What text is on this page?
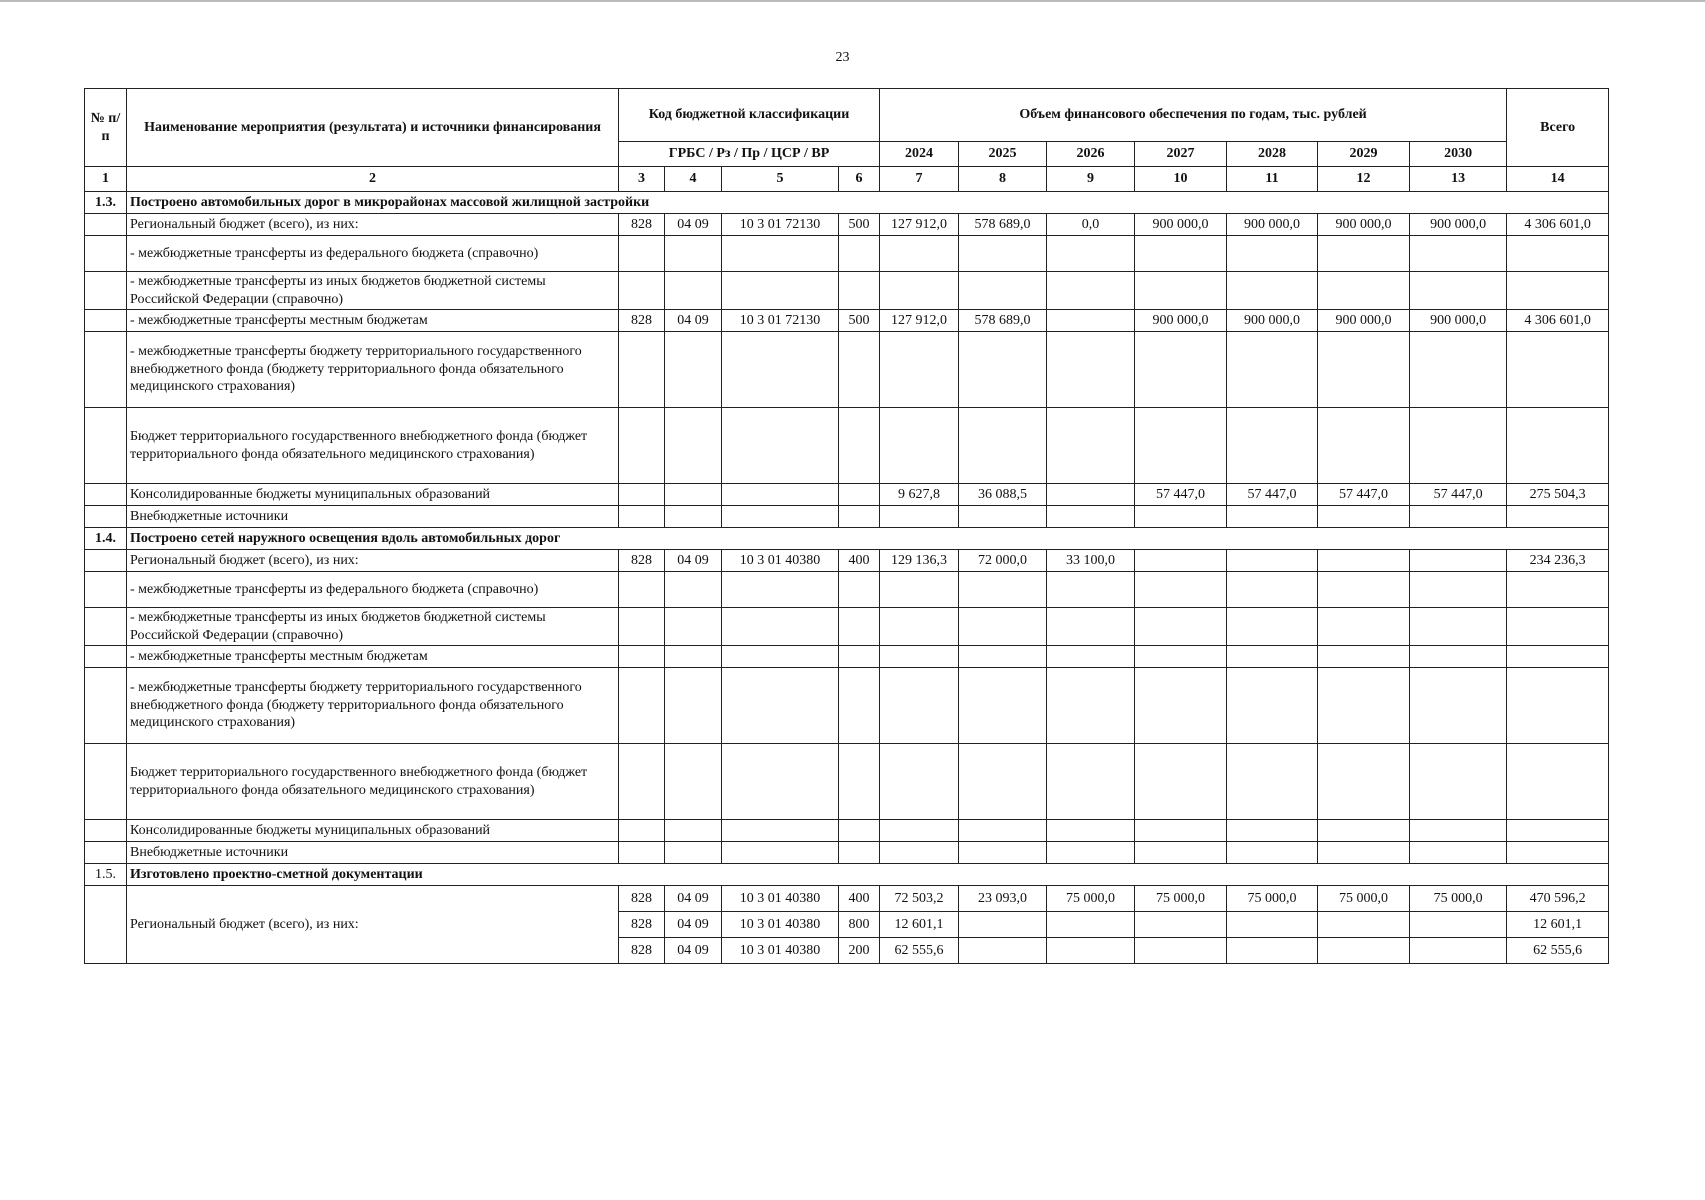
23
№ п/п	Наименование мероприятия (результата) и источники финансирования	Код бюджетной классификации				Объем финансового обеспечения по годам, тыс. рублей							Всего
		ГРБС / Рз / Пр / ЦСР / ВР				2024	2025	2026	2027	2028	2029	2030	
1	2	3	4	5	6	7	8	9	10	11	12	13	14
1.3.	Построено автомобильных дорог в микрорайонах массовой жилищной застройки												
	Региональный бюджет (всего), из них:	828	04 09	10 3 01 72130	500	127 912,0	578 689,0	0,0	900 000,0	900 000,0	900 000,0	900 000,0	4 306 601,0
	- межбюджетные трансферты из федерального бюджета (справочно)												
	- межбюджетные трансферты из иных бюджетов бюджетной системы Российской Федерации (справочно)												
	- межбюджетные трансферты местным бюджетам	828	04 09	10 3 01 72130	500	127 912,0	578 689,0		900 000,0	900 000,0	900 000,0	900 000,0	4 306 601,0
	- межбюджетные трансферты бюджету территориального государственного внебюджетного фонда (бюджету территориального фонда обязательного медицинского страхования)												
	Бюджет территориального государственного внебюджетного фонда (бюджет территориального фонда обязательного медицинского страхования)												
	Консолидированные бюджеты муниципальных образований					9 627,8	36 088,5		57 447,0	57 447,0	57 447,0	57 447,0	275 504,3
	Внебюджетные источники												
1.4.	Построено сетей наружного освещения вдоль автомобильных дорог												
	Региональный бюджет (всего), из них:	828	04 09	10 3 01 40380	400	129 136,3	72 000,0	33 100,0					234 236,3
	- межбюджетные трансферты из федерального бюджета (справочно)												
	- межбюджетные трансферты из иных бюджетов бюджетной системы Российской Федерации (справочно)												
	- межбюджетные трансферты местным бюджетам												
	- межбюджетные трансферты бюджету территориального государственного внебюджетного фонда (бюджету территориального фонда обязательного медицинского страхования)												
	Бюджет территориального государственного внебюджетного фонда (бюджет территориального фонда обязательного медицинского страхования)												
	Консолидированные бюджеты муниципальных образований												
	Внебюджетные источники												
1.5.	Изготовлено проектно-сметной документации												
	Региональный бюджет (всего), из них:	828	04 09	10 3 01 40380	400	72 503,2	23 093,0	75 000,0	75 000,0	75 000,0	75 000,0	75 000,0	470 596,2
		828	04 09	10 3 01 40380	800	12 601,1							12 601,1
		828	04 09	10 3 01 40380	200	62 555,6							62 555,6
